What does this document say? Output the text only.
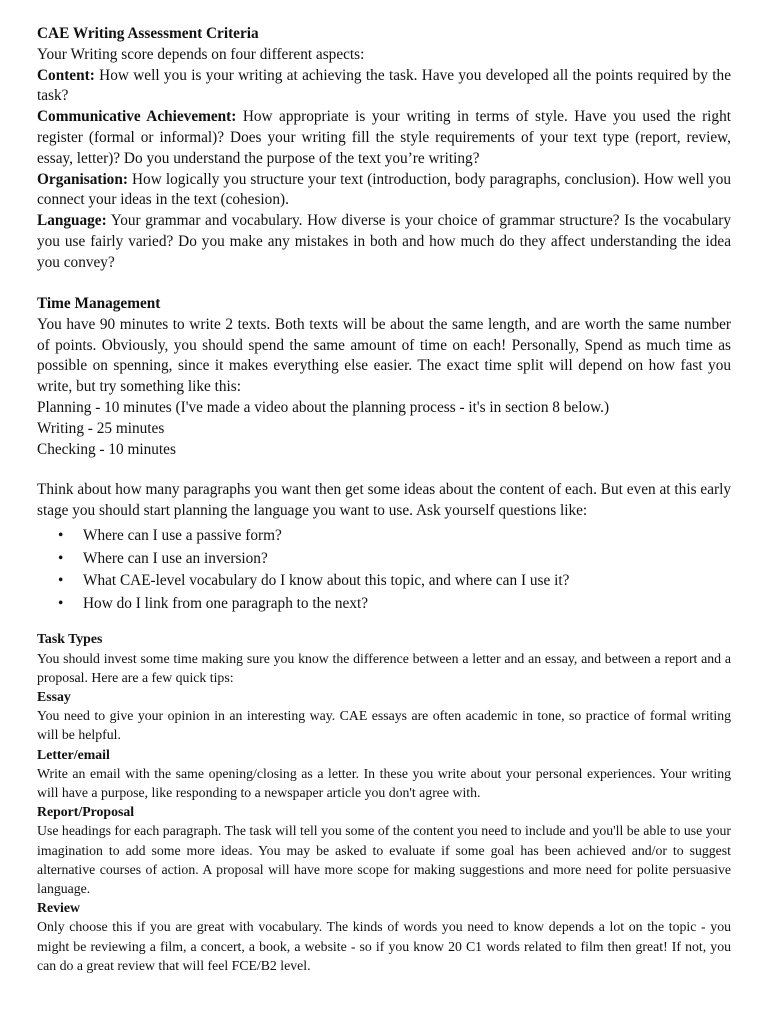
CAE Writing Assessment Criteria

Your Writing score depends on four different aspects:

Content: How well you is your writing at achieving the task. Have you developed all the points required by the task?

Communicative Achievement: How appropriate is your writing in terms of style. Have you used the right register (formal or informal)? Does your writing fill the style requirements of your text type (report, review, essay, letter)? Do you understand the purpose of the text you’re writing?

Organisation: How logically you structure your text (introduction, body paragraphs, conclusion). How well you connect your ideas in the text (cohesion).

Language: Your grammar and vocabulary. How diverse is your choice of grammar structure? Is the vocabulary you use fairly varied? Do you make any mistakes in both and how much do they affect understanding the idea you convey?

Time Management

You have 90 minutes to write 2 texts. Both texts will be about the same length, and are worth the same number of points. Obviously, you should spend the same amount of time on each! Personally, Spend as much time as possible on spenning, since it makes everything else easier. The exact time split will depend on how fast you write, but try something like this:

Planning - 10 minutes (I've made a video about the planning process - it's in section 8 below.)

Writing - 25 minutes

Checking - 10 minutes

Think about how many paragraphs you want then get some ideas about the content of each. But even at this early stage you should start planning the language you want to use. Ask yourself questions like:

• Where can I use a passive form?
• Where can I use an inversion?
• What CAE-level vocabulary do I know about this topic, and where can I use it?
• How do I link from one paragraph to the next?

Task Types

You should invest some time making sure you know the difference between a letter and an essay, and between a report and a proposal. Here are a few quick tips:

Essay

You need to give your opinion in an interesting way. CAE essays are often academic in tone, so practice of formal writing will be helpful.

Letter/email

Write an email with the same opening/closing as a letter. In these you write about your personal experiences. Your writing will have a purpose, like responding to a newspaper article you don't agree with.

Report/Proposal

Use headings for each paragraph. The task will tell you some of the content you need to include and you'll be able to use your imagination to add some more ideas. You may be asked to evaluate if some goal has been achieved and/or to suggest alternative courses of action. A proposal will have more scope for making suggestions and more need for polite persuasive language.

Review

Only choose this if you are great with vocabulary. The kinds of words you need to know depends a lot on the topic - you might be reviewing a film, a concert, a book, a website - so if you know 20 C1 words related to film then great! If not, you can do a great review that will feel FCE/B2 level.
